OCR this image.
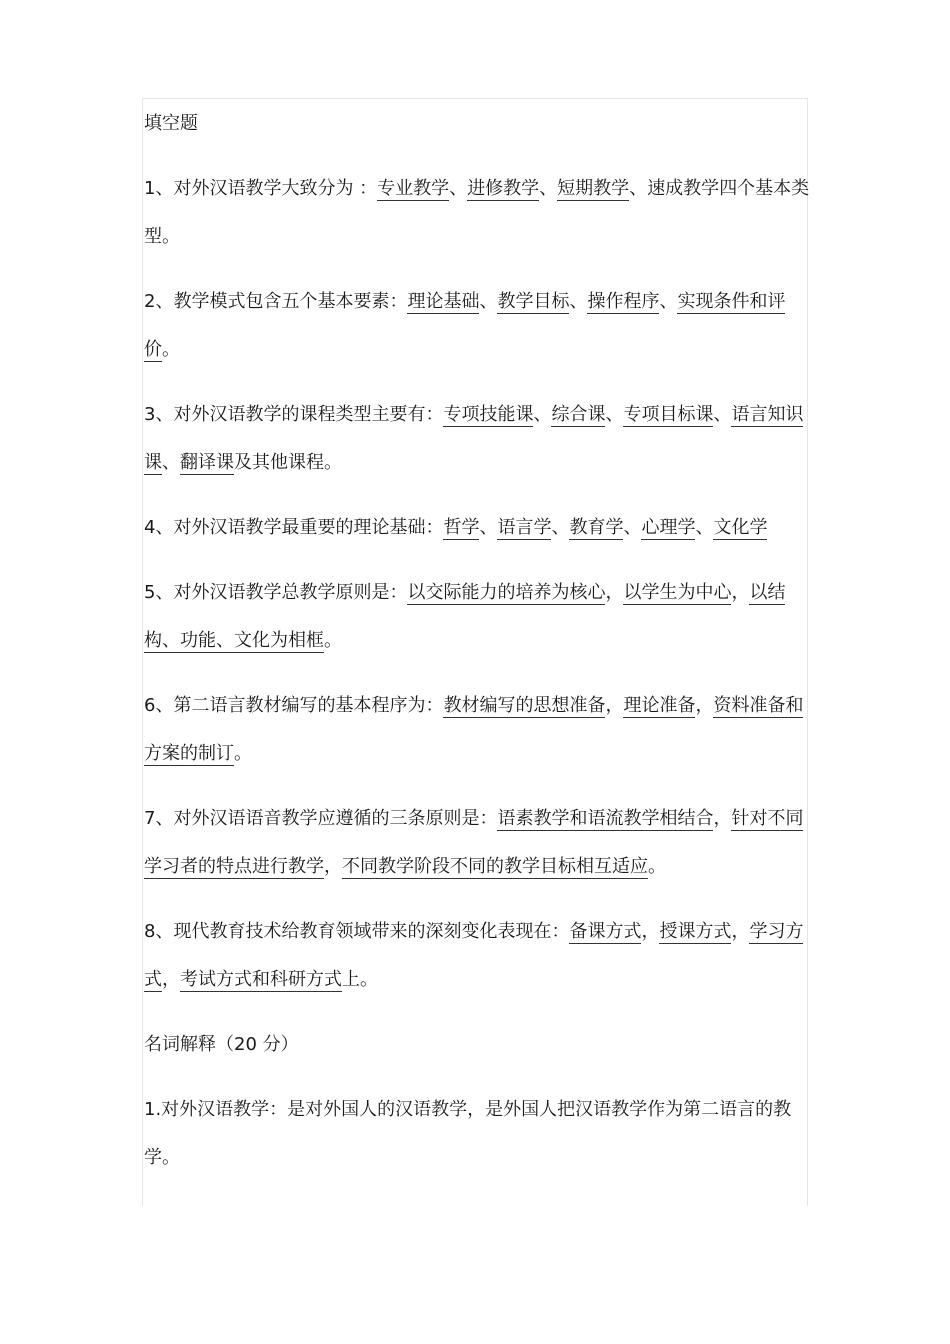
填空题
1、对外汉语教学大致分为 ：专业教学、进修教学、短期教学、速成教学四个基本类型。
2、教学模式包含五个基本要素：理论基础、教学目标、操作程序、实现条件和评价。
3、对外汉语教学的课程类型主要有：专项技能课、综合课、专项目标课、语言知识课、翻译课及其他课程。
4、对外汉语教学最重要的理论基础：哲学、语言学、教育学、心理学、文化学
5、对外汉语教学总教学原则是：以交际能力的培养为核心，以学生为中心，以结构、功能、文化为相框。
6、第二语言教材编写的基本程序为：教材编写的思想准备，理论准备，资料准备和方案的制订。
7、对外汉语语音教学应遵循的三条原则是：语素教学和语流教学相结合，针对不同学习者的特点进行教学，不同教学阶段不同的教学目标相互适应。
8、现代教育技术给教育领域带来的深刻变化表现在：备课方式，授课方式，学习方式，考试方式和科研方式上。
名词解释（20 分）
1.对外汉语教学：是对外国人的汉语教学，是外国人把汉语教学作为第二语言的教学。
